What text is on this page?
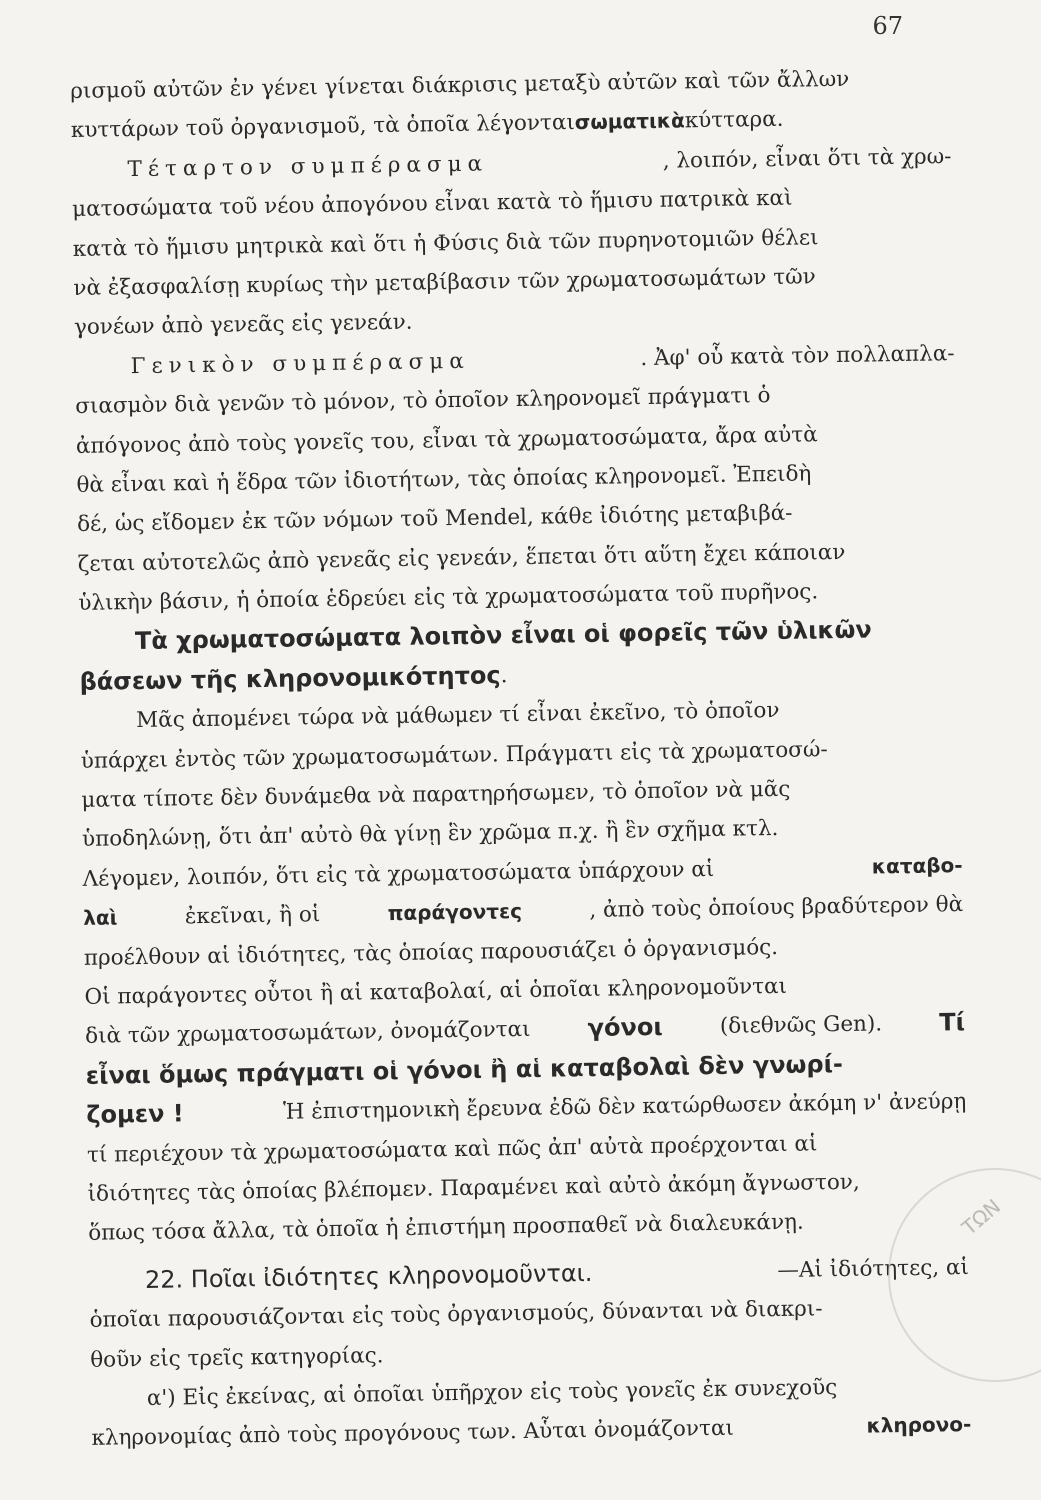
67
ρισμοῦ αὐτῶν ἐν γένει γίνεται διάκρισις μεταξὺ αὐτῶν καὶ τῶν ἄλλων
κυττάρων τοῦ ὀργανισμοῦ, τὰ ὁποῖα λέγονται σωματικὰ κύτταρα.
Τέταρτον συμπέρασμα	, λοιπόν, εἶναι ὅτι τὰ χρω-
ματοσώματα τοῦ νέου ἀπογόνου εἶναι κατὰ τὸ ἥμισυ πατρικὰ καὶ
κατὰ τὸ ἥμισυ μητρικὰ καὶ ὅτι ἡ Φύσις διὰ τῶν πυρηνοτομιῶν θέλει
νὰ ἐξασφαλίσῃ κυρίως τὴν μεταβίβασιν τῶν χρωματοσωμάτων τῶν
γονέων ἀπὸ γενεᾶς εἰς γενεάν.
Γενικὸν συμπέρασμα	. Ἀφ' οὗ κατὰ τὸν πολλαπλα-
σιασμὸν διὰ γενῶν τὸ μόνον, τὸ ὁποῖον κληρονομεῖ πράγματι ὁ
ἀπόγονος ἀπὸ τοὺς γονεῖς του, εἶναι τὰ χρωματοσώματα, ἄρα αὐτὰ
θὰ εἶναι καὶ ἡ ἕδρα τῶν ἰδιοτήτων, τὰς ὁποίας κληρονομεῖ. Ἐπειδὴ
δέ, ὡς εἴδομεν ἐκ τῶν νόμων τοῦ Mendel, κάθε ἰδιότης μεταβιβά-
ζεται αὐτοτελῶς ἀπὸ γενεᾶς εἰς γενεάν, ἕπεται ὅτι αὕτη ἔχει κάποιαν
ὑλικὴν βάσιν, ἡ ὁποία ἑδρεύει εἰς τὰ χρωματοσώματα τοῦ πυρῆνος.
Τὰ χρωματοσώματα λοιπὸν εἶναι οἱ φορεῖς τῶν ὑλικῶν
βάσεων τῆς κληρονομικότητος .
Μᾶς ἀπομένει τώρα νὰ μάθωμεν τί εἶναι ἐκεῖνο, τὸ ὁποῖον
ὑπάρχει ἐντὸς τῶν χρωματοσωμάτων. Πράγματι εἰς τὰ χρωματοσώ-
ματα τίποτε δὲν δυνάμεθα νὰ παρατηρήσωμεν, τὸ ὁποῖον νὰ μᾶς
ὑποδηλώνῃ, ὅτι ἀπ' αὐτὸ θὰ γίνῃ ἓν χρῶμα π.χ. ἢ ἓν σχῆμα κτλ.
Λέγομεν, λοιπόν, ὅτι εἰς τὰ χρωματοσώματα ὑπάρχουν αἱ	καταβο-
λαὶ	ἐκεῖναι, ἢ οἱ	παράγοντες	, ἀπὸ τοὺς ὁποίους βραδύτερον θὰ
προέλθουν αἱ ἰδιότητες, τὰς ὁποίας παρουσιάζει ὁ ὀργανισμός.
Οἱ παράγοντες οὗτοι ἢ αἱ καταβολαί, αἱ ὁποῖαι κληρονομοῦνται
διὰ τῶν χρωματοσωμάτων, ὀνομάζονται γόνοι	(διεθνῶς Gen). Τί
εἶναι ὅμως πράγματι οἱ γόνοι ἢ αἱ καταβολαὶ δὲν γνωρί-
ζομεν !	Ἡ ἐπιστημονικὴ ἔρευνα ἐδῶ δὲν κατώρθωσεν ἀκόμη ν' ἀνεύρῃ
τί περιέχουν τὰ χρωματοσώματα καὶ πῶς ἀπ' αὐτὰ προέρχονται αἱ
ἰδιότητες τὰς ὁποίας βλέπομεν. Παραμένει καὶ αὐτὸ ἀκόμη ἄγνωστον,
ὅπως τόσα ἄλλα, τὰ ὁποῖα ἡ ἐπιστήμη προσπαθεῖ νὰ διαλευκάνῃ.
22. Ποῖαι ἰδιότητες κληρονομοῦνται.	—Αἱ ἰδιότητες, αἱ
ὁποῖαι παρουσιάζονται εἰς τοὺς ὀργανισμούς, δύνανται νὰ διακρι-
θοῦν εἰς τρεῖς κατηγορίας.
α') Εἰς ἐκείνας, αἱ ὁποῖαι ὑπῆρχον εἰς τοὺς γονεῖς ἐκ συνεχοῦς
κληρονομίας ἀπὸ τοὺς προγόνους των. Αὗται ὀνομάζονται	κληρονο-
ΤΩΝ
